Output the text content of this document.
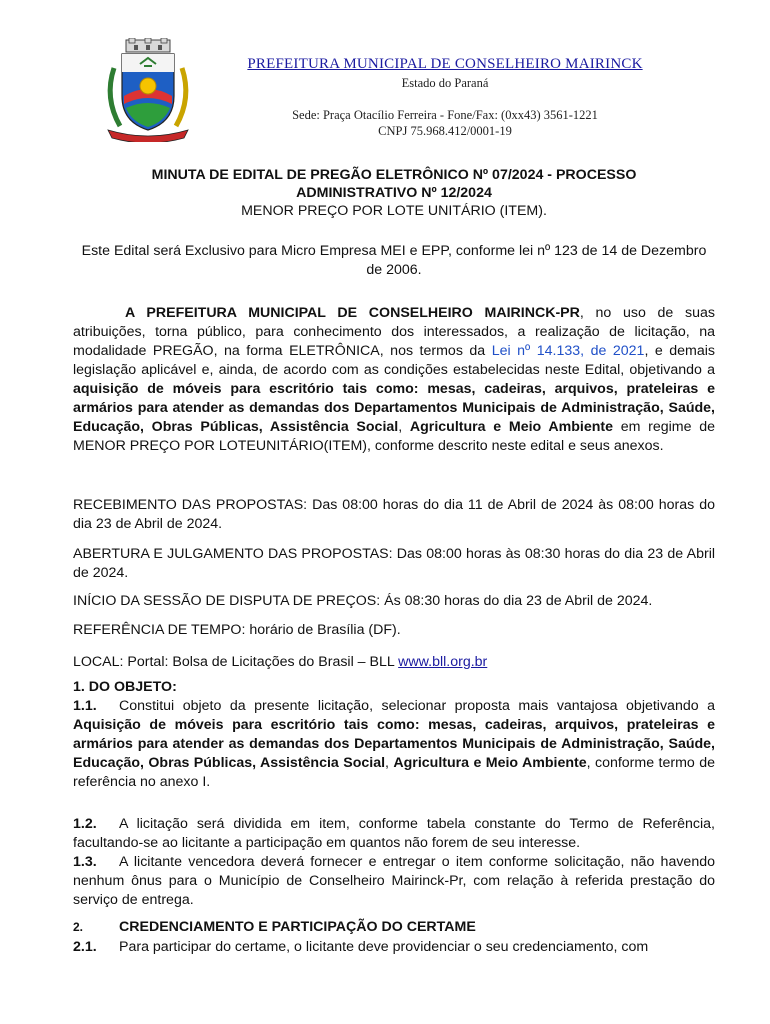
PREFEITURA MUNICIPAL DE CONSELHEIRO MAIRINCK
Estado do Paraná
Sede: Praça Otacílio Ferreira - Fone/Fax: (0xx43) 3561-1221
CNPJ 75.968.412/0001-19

MINUTA DE EDITAL DE PREGÃO ELETRÔNICO Nº 07/2024 - PROCESSO

ADMINISTRATIVO Nº 12/2024

MENOR PREÇO POR LOTE UNITÁRIO (ITEM).

Este Edital será Exclusivo para Micro Empresa MEI e EPP, conforme lei nº 123 de 14 de Dezembro de 2006.

A PREFEITURA MUNICIPAL DE CONSELHEIRO MAIRINCK-PR, no uso de suas atribuições, torna público, para conhecimento dos interessados, a realização de licitação, na modalidade PREGÃO, na forma ELETRÔNICA, nos termos da Lei nº 14.133, de 2021, e demais legislação aplicável e, ainda, de acordo com as condições estabelecidas neste Edital, objetivando a aquisição de móveis para escritório tais como: mesas, cadeiras, arquivos, prateleiras e armários para atender as demandas dos Departamentos Municipais de Administração, Saúde, Educação, Obras Públicas, Assistência Social, Agricultura e Meio Ambiente em regime de MENOR PREÇO POR LOTEUNITÁRIO(ITEM), conforme descrito neste edital e seus anexos.

RECEBIMENTO DAS PROPOSTAS: Das 08:00 horas do dia 11 de Abril de 2024 às 08:00 horas do dia 23 de Abril de 2024.

ABERTURA E JULGAMENTO DAS PROPOSTAS: Das 08:00 horas às 08:30 horas do dia 23 de Abril de 2024.

INÍCIO DA SESSÃO DE DISPUTA DE PREÇOS: Ás 08:30 horas do dia 23 de Abril de 2024.

REFERÊNCIA DE TEMPO: horário de Brasília (DF).

LOCAL: Portal: Bolsa de Licitações do Brasil – BLL www.bll.org.br

1. DO OBJETO:

1.1. Constitui objeto da presente licitação, selecionar proposta mais vantajosa objetivando a Aquisição de móveis para escritório tais como: mesas, cadeiras, arquivos, prateleiras e armários para atender as demandas dos Departamentos Municipais de Administração, Saúde, Educação, Obras Públicas, Assistência Social, Agricultura e Meio Ambiente, conforme termo de referência no anexo I.

1.2. A licitação será dividida em item, conforme tabela constante do Termo de Referência, facultando-se ao licitante a participação em quantos não forem de seu interesse.

1.3. A licitante vencedora deverá fornecer e entregar o item conforme solicitação, não havendo nenhum ônus para o Município de Conselheiro Mairinck-Pr, com relação à referida prestação do serviço de entrega.

2.	CREDENCIAMENTO E PARTICIPAÇÃO DO CERTAME

2.1. Para participar do certame, o licitante deve providenciar o seu credenciamento, com
